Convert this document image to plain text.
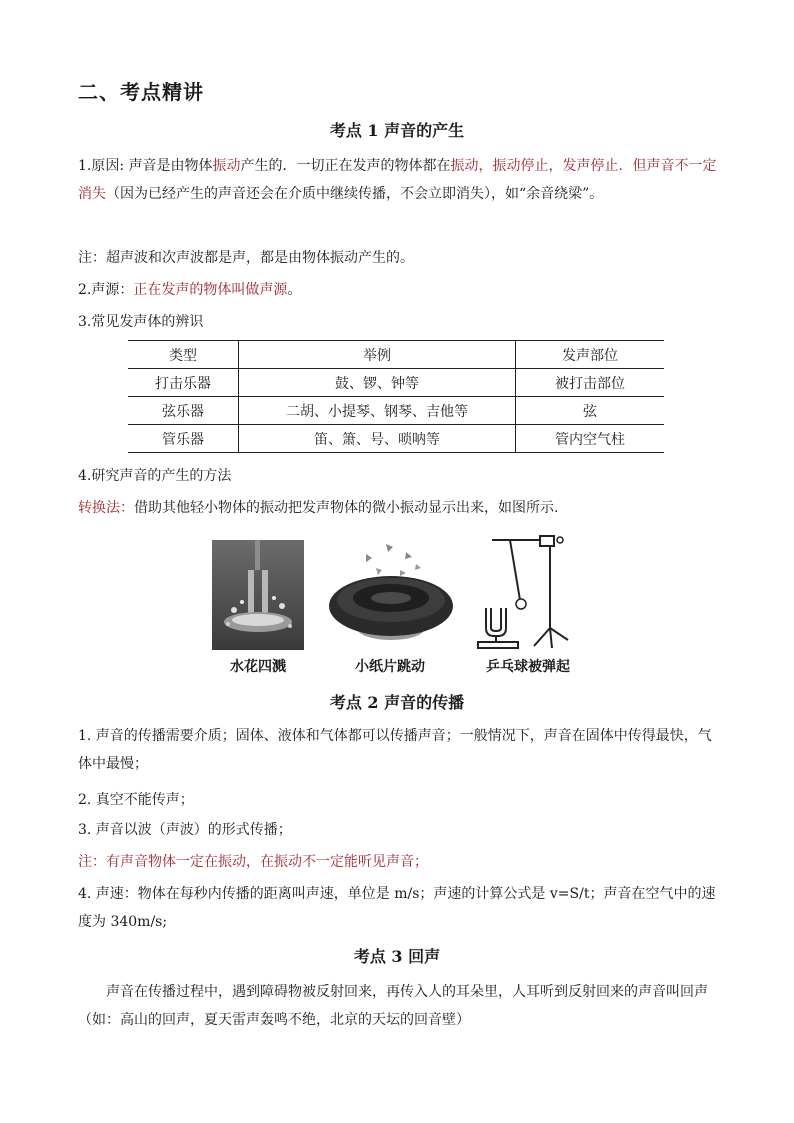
二、考点精讲
考点 1 声音的产生
1.原因: 声音是由物体振动产生的．一切正在发声的物体都在振动，振动停止，发声停止．但声音不一定消失（因为已经产生的声音还会在介质中继续传播，不会立即消失），如“余音绕梁”。
注：超声波和次声波都是声，都是由物体振动产生的。
2.声源：正在发声的物体叫做声源。
3.常见发声体的辨识
类型	举例	发声部位
打击乐器	鼓、锣、钟等	被打击部位
弦乐器	二胡、小提琴、钢琴、吉他等	弦
管乐器	笛、箫、号、唢呐等	管内空气柱
4.研究声音的产生的方法
转换法：借助其他轻小物体的振动把发声物体的微小振动显示出来，如图所示.
水花四溅	小纸片跳动	乒乓球被弹起
考点 2 声音的传播
1. 声音的传播需要介质；固体、液体和气体都可以传播声音；一般情况下，声音在固体中传得最快，气体中最慢；
2. 真空不能传声；
3. 声音以波（声波）的形式传播；
注：有声音物体一定在振动，在振动不一定能听见声音；
4. 声速：物体在每秒内传播的距离叫声速，单位是 m/s；声速的计算公式是 v=S/t；声音在空气中的速度为 340m/s;
考点 3 回声
声音在传播过程中，遇到障碍物被反射回来，再传入人的耳朵里，人耳听到反射回来的声音叫回声（如：高山的回声，夏天雷声轰鸣不绝，北京的天坛的回音壁）
